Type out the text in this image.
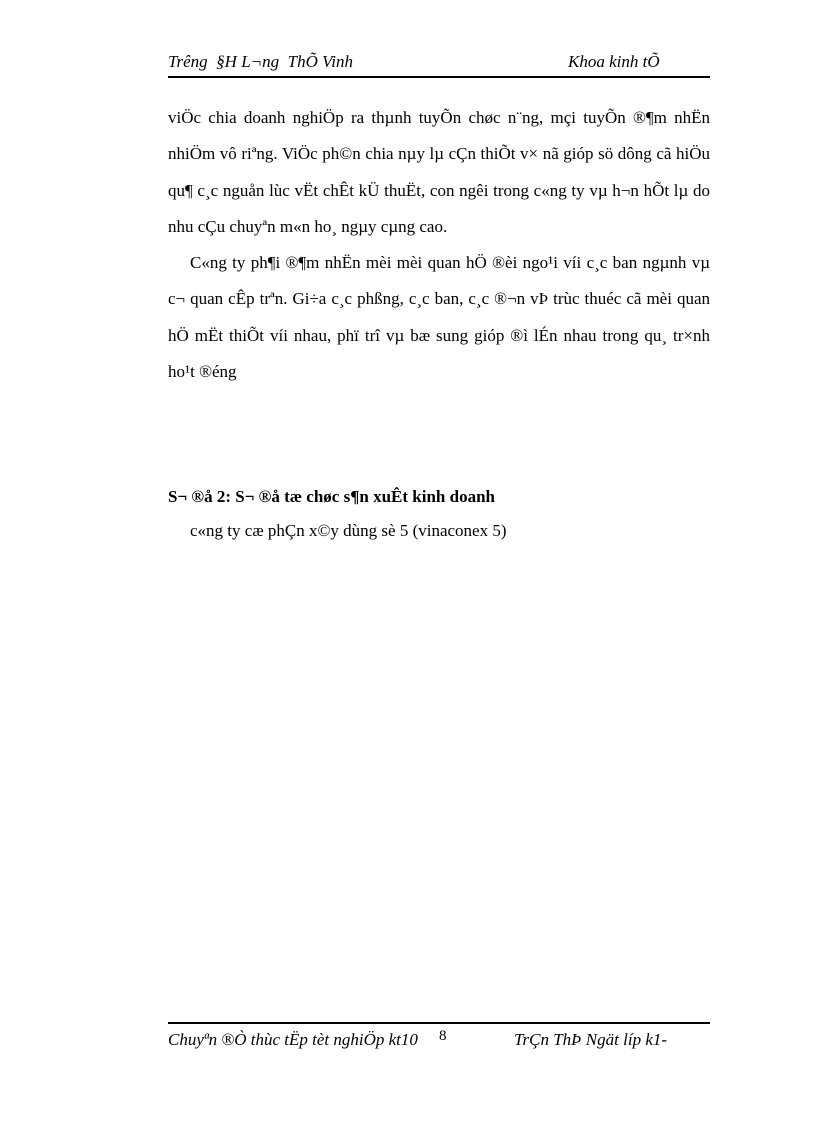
Trêng  §H L¬ng  ThÕ Vinh	Khoa kinh tÕ

viÖc chia doanh nghiÖp ra thµnh tuyÕn chøc n¨ng, mçi tuyÕn ®¶m nhËn nhiÖm vô riªng. ViÖc ph©n chia nµy lµ cÇn thiÕt v× nã gióp sö dông cã hiÖu qu¶ c¸c nguån lùc vËt chÊt kÜ thuËt, con ngêi trong c«ng ty vµ h¬n hÕt lµ do nhu cÇu chuyªn m«n ho¸ ngµy cµng cao.

C«ng ty ph¶i ®¶m nhËn mèi mèi quan hÖ ®èi ngo¹i víi c¸c ban ngµnh vµ c¬ quan cÊp trªn. Gi÷a c¸c phßng, c¸c ban, c¸c ®¬n vÞ trùc thuéc cã mèi quan hÖ mËt thiÕt víi nhau, phï trî vµ bæ sung gióp ®ì lÉn nhau trong qu¸ tr×nh ho¹t ®éng

S¬ ®å 2: S¬ ®å tæ chøc s¶n xuÊt kinh doanh
c«ng ty cæ phÇn x©y dùng sè 5 (vinaconex 5)
Chuyªn ®Ò thùc tËp tèt nghiÖp kt10 8	TrÇn ThÞ Ngät líp k1-
